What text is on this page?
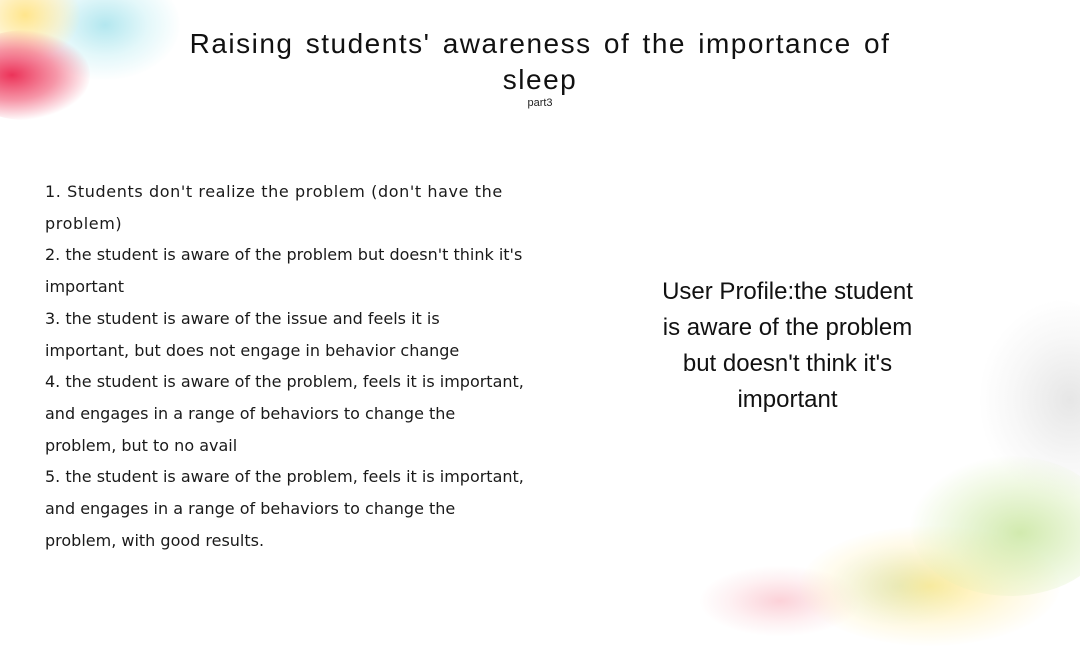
Raising students' awareness of the importance of sleep
part3
1. Students don't realize the problem (don't have the problem)
2. the student is aware of the problem but doesn't think it's important
3. the student is aware of the issue and feels it is important, but does not engage in behavior change
4. the student is aware of the problem, feels it is important, and engages in a range of behaviors to change the problem, but to no avail
5. the student is aware of the problem, feels it is important, and engages in a range of behaviors to change the problem, with good results.
User Profile:the student is aware of the problem but doesn't think it's important
